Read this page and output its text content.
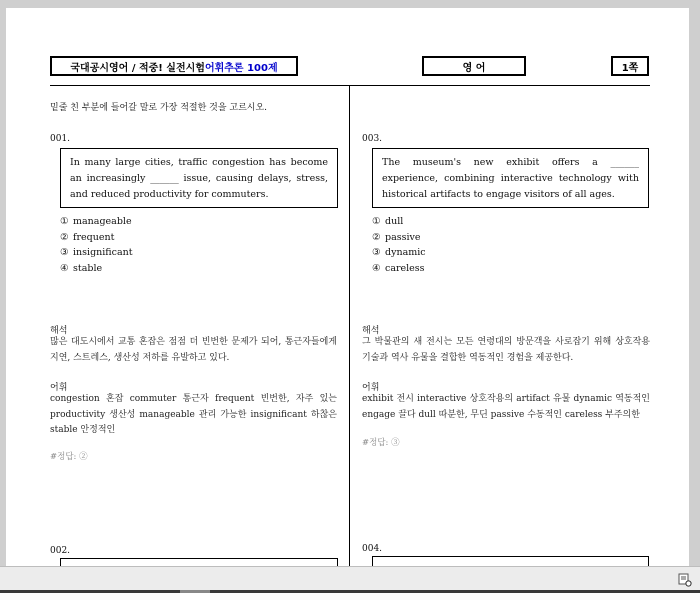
국대공시영어 / 적중! 실전시험 어휘추론 100제	영 어	1쪽
밑줄 친 부분에 들어갈 말로 가장 적절한 것을 고르시오.
001.
In many large cities, traffic congestion has become an increasingly ______ issue, causing delays, stress, and reduced productivity for commuters.
① manageable
② frequent
③ insignificant
④ stable
해석
많은 대도시에서 교통 혼잡은 점점 더 빈번한 문제가 되어, 통근자들에게 지연, 스트레스, 생산성 저하를 유발하고 있다.
어휘
congestion 혼잡 commuter 통근자 frequent 빈번한, 자주 있는 productivity 생산성 manageable 관리 가능한 insignificant 하찮은 stable 안정적인
#정답: ②
002.
003.
The museum's new exhibit offers a ______ experience, combining interactive technology with historical artifacts to engage visitors of all ages.
① dull
② passive
③ dynamic
④ careless
해석
그 박물관의 새 전시는 모든 연령대의 방문객을 사로잡기 위해 상호작용 기술과 역사 유물을 결합한 역동적인 경험을 제공한다.
어휘
exhibit 전시 interactive 상호작용의 artifact 유물 dynamic 역동적인 engage 끌다 dull 따분한, 무딘 passive 수동적인 careless 부주의한
#정답: ③
004.
